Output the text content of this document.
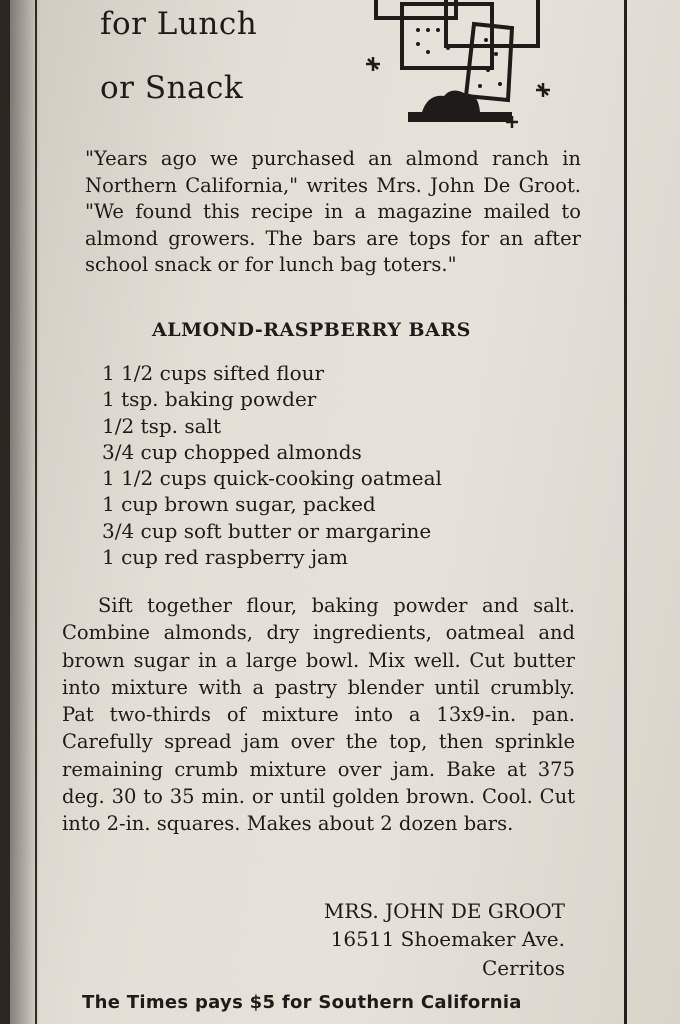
for Lunch
or Snack

"Years ago we purchased an almond ranch in Northern California," writes Mrs. John De Groot. "We found this recipe in a magazine mailed to almond growers. The bars are tops for an after school snack or for lunch bag toters."

ALMOND-RASPBERRY BARS
1 1/2 cups sifted flour
1 tsp. baking powder
1/2 tsp. salt
3/4 cup chopped almonds
1 1/2 cups quick-cooking oatmeal
1 cup brown sugar, packed
3/4 cup soft butter or margarine
1 cup red raspberry jam

Sift together flour, baking powder and salt. Combine almonds, dry ingredients, oatmeal and brown sugar in a large bowl. Mix well. Cut butter into mixture with a pastry blender until crumbly. Pat two-thirds of mixture into a 13x9-in. pan. Carefully spread jam over the top, then sprinkle remaining crumb mixture over jam. Bake at 375 deg. 30 to 35 min. or until golden brown. Cool. Cut into 2-in. squares. Makes about 2 dozen bars.

MRS. JOHN DE GROOT
16511 Shoemaker Ave.
Cerritos
The Times pays $5 for Southern California
